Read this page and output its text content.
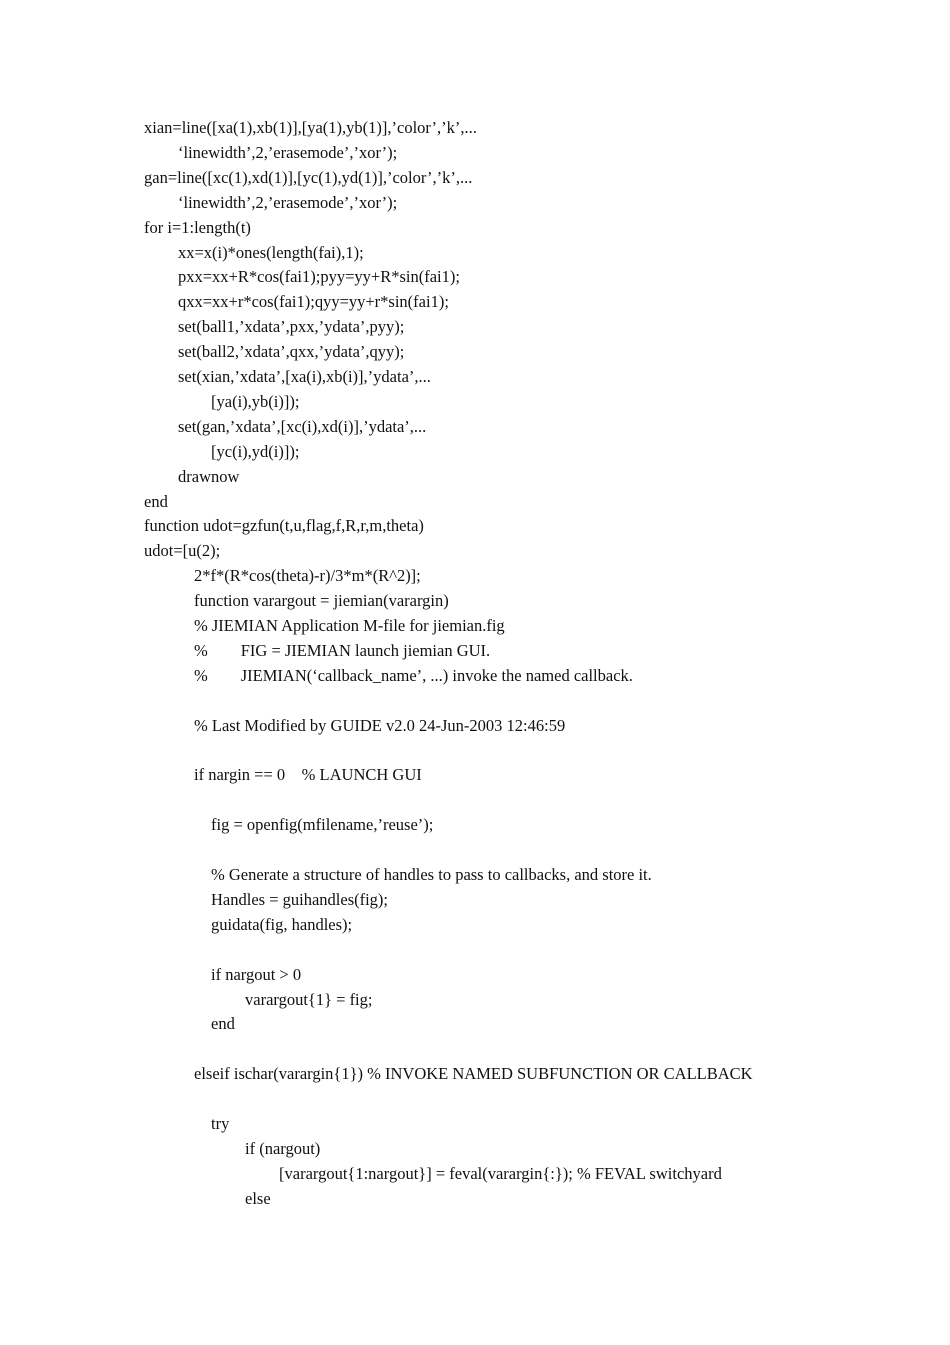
xian=line([xa(1),xb(1)],[ya(1),yb(1)],’color’,’k’,...
‘linewidth’,2,’erasemode’,’xor’);
gan=line([xc(1),xd(1)],[yc(1),yd(1)],’color’,’k’,...
‘linewidth’,2,’erasemode’,’xor’);
for i=1:length(t)
xx=x(i)*ones(length(fai),1);
pxx=xx+R*cos(fai1);pyy=yy+R*sin(fai1);
qxx=xx+r*cos(fai1);qyy=yy+r*sin(fai1);
set(ball1,’xdata’,pxx,’ydata’,pyy);
set(ball2,’xdata’,qxx,’ydata’,qyy);
set(xian,’xdata’,[xa(i),xb(i)],’ydata’,...
[ya(i),yb(i)]);
set(gan,’xdata’,[xc(i),xd(i)],’ydata’,...
[yc(i),yd(i)]);
drawnow
end
function udot=gzfun(t,u,flag,f,R,r,m,theta)
udot=[u(2);
2*f*(R*cos(theta)-r)/3*m*(R^2)];
function varargout = jiemian(varargin)
% JIEMIAN Application M-file for jiemian.fig
%        FIG = JIEMIAN launch jiemian GUI.
%        JIEMIAN(‘callback_name’, ...) invoke the named callback.
% Last Modified by GUIDE v2.0 24-Jun-2003 12:46:59
if nargin == 0    % LAUNCH GUI
fig = openfig(mfilename,’reuse’);
% Generate a structure of handles to pass to callbacks, and store it.
Handles = guihandles(fig);
guidata(fig, handles);
if nargout > 0
varargout{1} = fig;
end
elseif ischar(varargin{1}) % INVOKE NAMED SUBFUNCTION OR CALLBACK
try
if (nargout)
[varargout{1:nargout}] = feval(varargin{:}); % FEVAL switchyard
else
